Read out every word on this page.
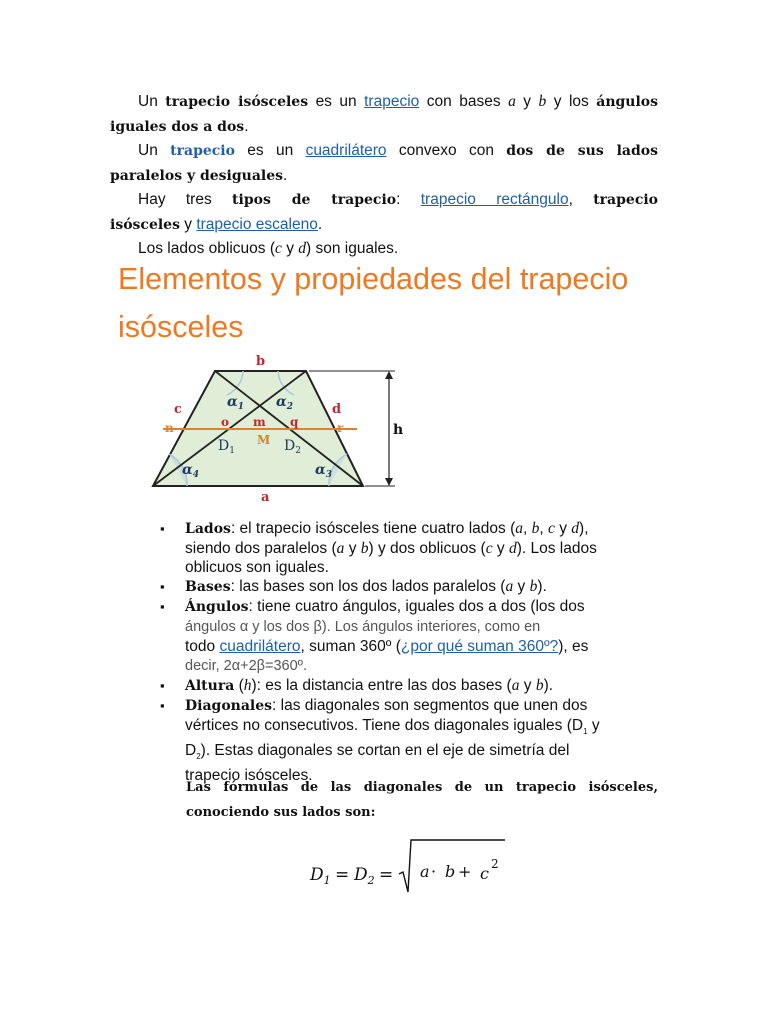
Un trapecio isósceles es un trapecio con bases a y b y los ángulos
iguales dos a dos.
Un trapecio es un cuadrilátero convexo con dos de sus lados
paralelos y desiguales.
Hay tres tipos de trapecio: trapecio rectángulo, trapecio
isósceles y trapecio escaleno.
Los lados oblicuos (c y d) son iguales.
Elementos y propiedades del trapecio
isósceles
b
a
c	d
h
n	r
o m q
M
$\alpha_1$ $\alpha_2$
$\alpha_3$
$\alpha_4$
$D_1$	$D_2$
▪ Lados: el trapecio isósceles tiene cuatro lados (a, b, c y d),
siendo dos paralelos (a y b) y dos oblicuos (c y d). Los lados
oblicuos son iguales.
▪ Bases: las bases son los dos lados paralelos (a y b).
▪ Ángulos: tiene cuatro ángulos, iguales dos a dos (los dos
ángulos α y los dos β). Los ángulos interiores, como en
todo cuadrilátero, suman 360º (¿por qué suman 360º?), es
decir, 2α+2β=360º.
▪ Altura (h): es la distancia entre las dos bases (a y b).
▪ Diagonales: las diagonales son segmentos que unen dos
vértices no consecutivos. Tiene dos diagonales iguales ($D_1$ y
$D_2$). Estas diagonales se cortan en el eje de simetría del
trapecio isósceles.
Las fórmulas de las diagonales de un trapecio isósceles,
conociendo sus lados son:
$D_1 = D_2 = a \cdot b + c$ 2
